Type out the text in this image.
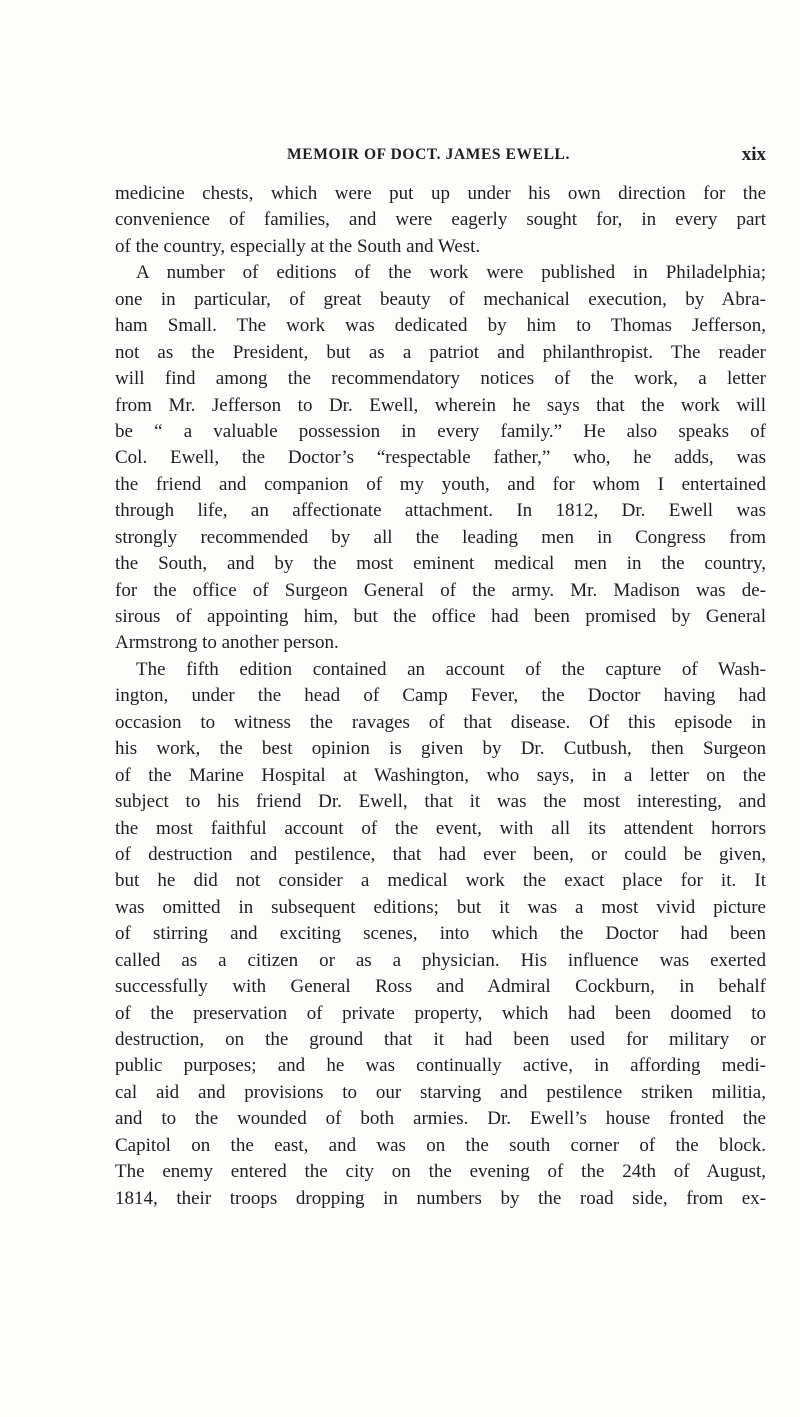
MEMOIR OF DOCT. JAMES EWELL.	xix
medicine chests, which were put up under his own direction for the
convenience of families, and were eagerly sought for, in every part
of the country, especially at the South and West.
A number of editions of the work were published in Philadelphia;
one in particular, of great beauty of mechanical execution, by Abra-
ham Small. The work was dedicated by him to Thomas Jefferson,
not as the President, but as a patriot and philanthropist. The reader
will find among the recommendatory notices of the work, a letter
from Mr. Jefferson to Dr. Ewell, wherein he says that the work will
be “ a valuable possession in every family.” He also speaks of
Col. Ewell, the Doctor’s “respectable father,” who, he adds, was
the friend and companion of my youth, and for whom I entertained
through life, an affectionate attachment. In 1812, Dr. Ewell was
strongly recommended by all the leading men in Congress from
the South, and by the most eminent medical men in the country,
for the office of Surgeon General of the army. Mr. Madison was de-
sirous of appointing him, but the office had been promised by General
Armstrong to another person.
The fifth edition contained an account of the capture of Wash-
ington, under the head of Camp Fever, the Doctor having had
occasion to witness the ravages of that disease. Of this episode in
his work, the best opinion is given by Dr. Cutbush, then Surgeon
of the Marine Hospital at Washington, who says, in a letter on the
subject to his friend Dr. Ewell, that it was the most interesting, and
the most faithful account of the event, with all its attendent horrors
of destruction and pestilence, that had ever been, or could be given,
but he did not consider a medical work the exact place for it. It
was omitted in subsequent editions; but it was a most vivid picture
of stirring and exciting scenes, into which the Doctor had been
called as a citizen or as a physician. His influence was exerted
successfully with General Ross and Admiral Cockburn, in behalf
of the preservation of private property, which had been doomed to
destruction, on the ground that it had been used for military or
public purposes; and he was continually active, in affording medi-
cal aid and provisions to our starving and pestilence striken militia,
and to the wounded of both armies. Dr. Ewell’s house fronted the
Capitol on the east, and was on the south corner of the block.
The enemy entered the city on the evening of the 24th of August,
1814, their troops dropping in numbers by the road side, from ex-
